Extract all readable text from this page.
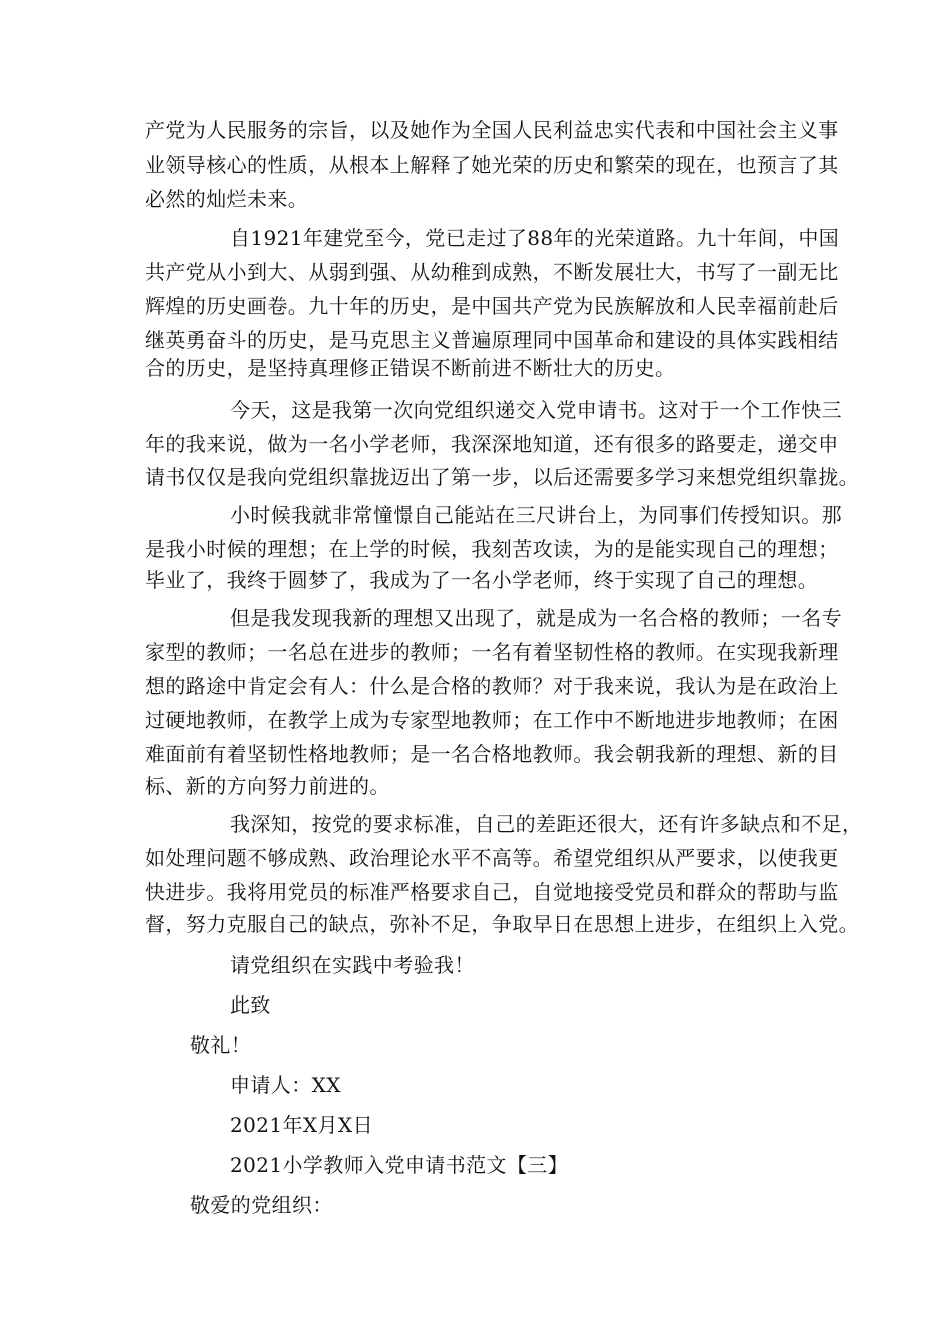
产党为人民服务的宗旨，以及她作为全国人民利益忠实代表和中国社会主义事
业领导核心的性质，从根本上解释了她光荣的历史和繁荣的现在，也预言了其
必然的灿烂未来。
自1921年建党至今，党已走过了88年的光荣道路。九十年间，中国
共产党从小到大、从弱到强、从幼稚到成熟，不断发展壮大，书写了一副无比
辉煌的历史画卷。九十年的历史，是中国共产党为民族解放和人民幸福前赴后
继英勇奋斗的历史，是马克思主义普遍原理同中国革命和建设的具体实践相结
合的历史，是坚持真理修正错误不断前进不断壮大的历史。
今天，这是我第一次向党组织递交入党申请书。这对于一个工作快三
年的我来说，做为一名小学老师，我深深地知道，还有很多的路要走，递交申
请书仅仅是我向党组织靠拢迈出了第一步，以后还需要多学习来想党组织靠拢。
小时候我就非常憧憬自己能站在三尺讲台上，为同事们传授知识。那
是我小时候的理想；在上学的时候，我刻苦攻读，为的是能实现自己的理想；
毕业了，我终于圆梦了，我成为了一名小学老师，终于实现了自己的理想。
但是我发现我新的理想又出现了，就是成为一名合格的教师；一名专
家型的教师；一名总在进步的教师；一名有着坚韧性格的教师。在实现我新理
想的路途中肯定会有人：什么是合格的教师？对于我来说，我认为是在政治上
过硬地教师，在教学上成为专家型地教师；在工作中不断地进步地教师；在困
难面前有着坚韧性格地教师；是一名合格地教师。我会朝我新的理想、新的目
标、新的方向努力前进的。
我深知，按党的要求标准，自己的差距还很大，还有许多缺点和不足，
如处理问题不够成熟、政治理论水平不高等。希望党组织从严要求，以使我更
快进步。我将用党员的标准严格要求自己，自觉地接受党员和群众的帮助与监
督，努力克服自己的缺点，弥补不足，争取早日在思想上进步，在组织上入党。
请党组织在实践中考验我！
此致
敬礼！
申请人：XX
2021年X月X日
2021小学教师入党申请书范文【三】
敬爱的党组织：
